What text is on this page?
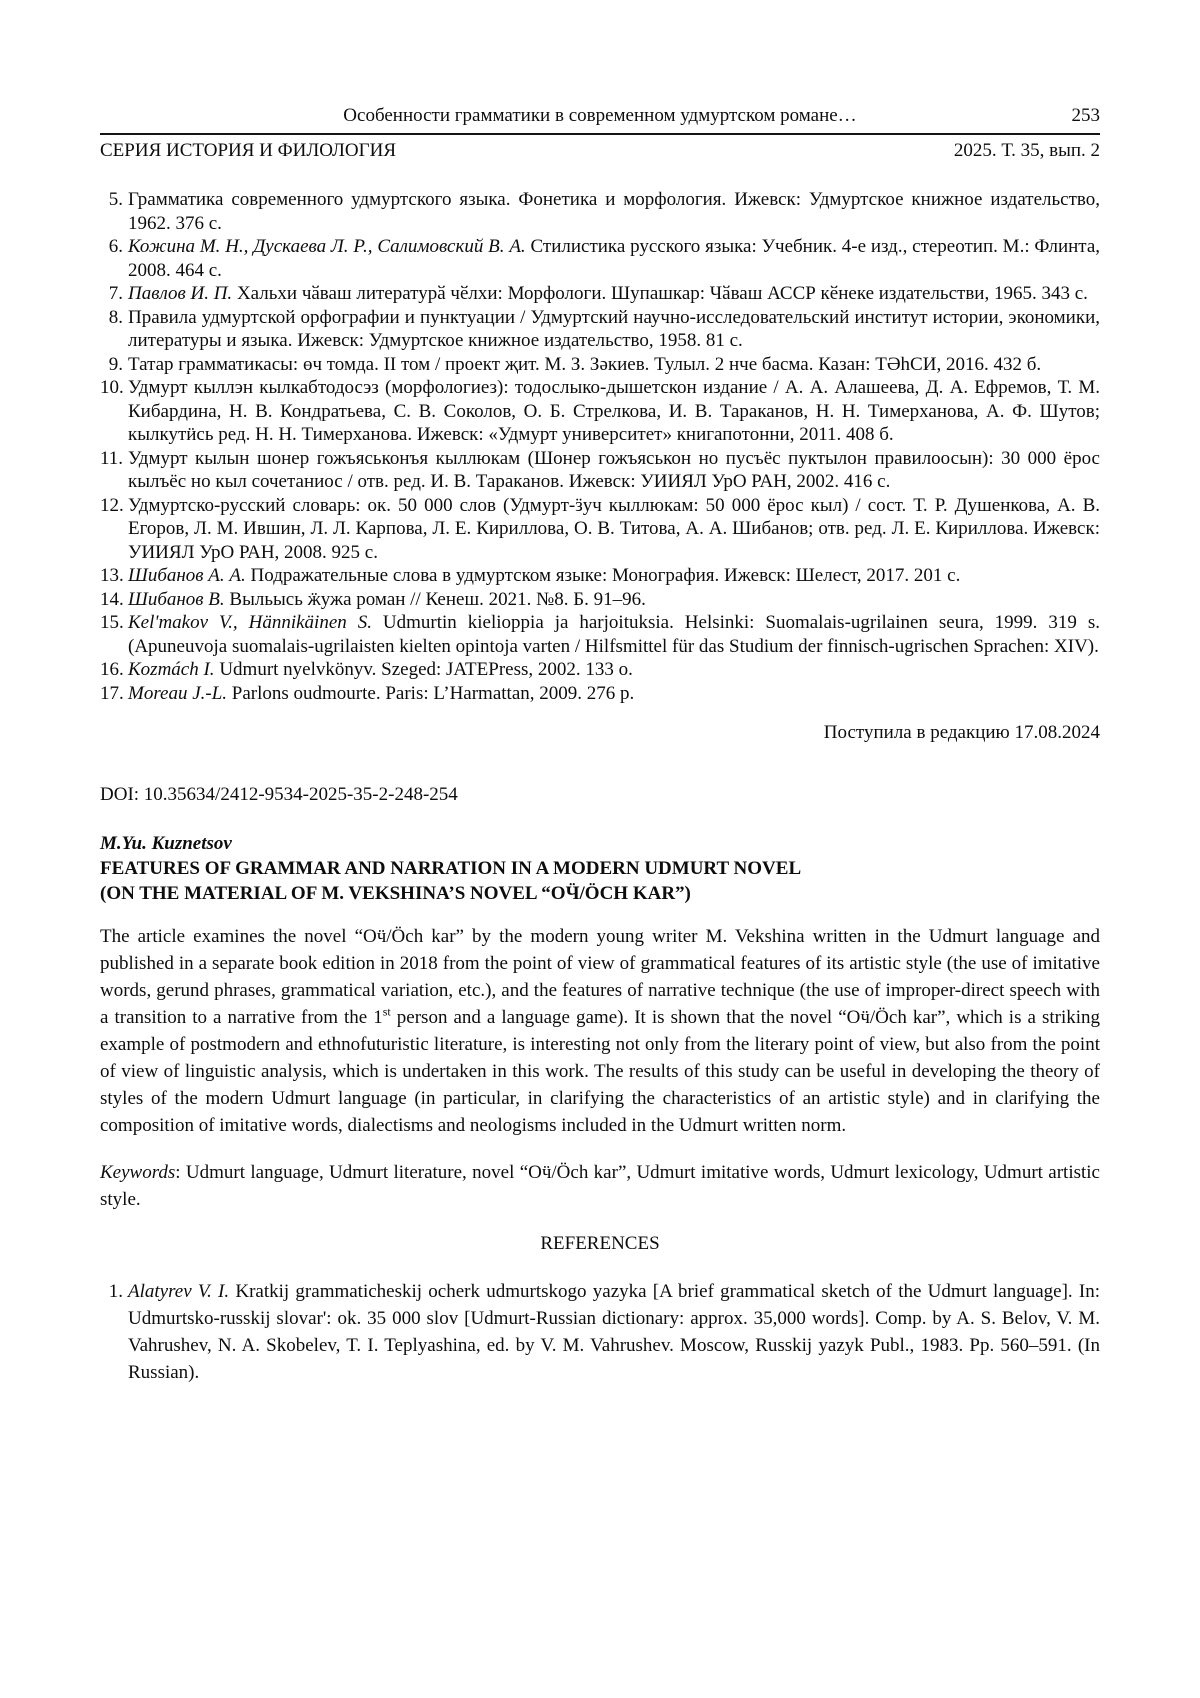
Особенности грамматики в современном удмуртском романе…	253
СЕРИЯ ИСТОРИЯ И ФИЛОЛОГИЯ	2025. Т. 35, вып. 2
5. Грамматика современного удмуртского языка. Фонетика и морфология. Ижевск: Удмуртское книжное издательство, 1962. 376 с.
6. Кожина М. Н., Дускаева Л. Р., Салимовский В. А. Стилистика русского языка: Учебник. 4-е изд., стереотип. М.: Флинта, 2008. 464 с.
7. Павлов И. П. Хальхи чӑваш литературӑ чӗлхи: Морфологи. Шупашкар: Чӑваш АССР кӗнеке издательстви, 1965. 343 с.
8. Правила удмуртской орфографии и пунктуации / Удмуртский научно-исследовательский институт истории, экономики, литературы и языка. Ижевск: Удмуртское книжное издательство, 1958. 81 с.
9. Татар грамматикасы: өч томда. II том / проект җит. М. З. Зәкиев. Тулыл. 2 нче басма. Казан: ТӘһСИ, 2016. 432 б.
10. Удмурт кыллэн кылкабтодосэз (морфологиез): тодослыко-дышетскон издание / А. А. Алашеева, Д. А. Ефремов, Т. М. Кибардина, Н. В. Кондратьева, С. В. Соколов, О. Б. Стрелкова, И. В. Тараканов, Н. Н. Тимерханова, А. Ф. Шутов; кылкутӥсь ред. Н. Н. Тимерханова. Ижевск: «Удмурт университет» книгапотонни, 2011. 408 б.
11. Удмурт кылын шонер гожъяськонъя кыллюкам (Шонер гожъяськон но пусъёс пуктылон правилоосын): 30 000 ёрос кылъёс но кыл сочетаниос / отв. ред. И. В. Тараканов. Ижевск: УИИЯЛ УрО РАН, 2002. 416 с.
12. Удмуртско-русский словарь: ок. 50 000 слов (Удмурт-ӟуч кыллюкам: 50 000 ёрос кыл) / сост. Т. Р. Душенкова, А. В. Егоров, Л. М. Ившин, Л. Л. Карпова, Л. Е. Кириллова, О. В. Титова, А. А. Шибанов; отв. ред. Л. Е. Кириллова. Ижевск: УИИЯЛ УрО РАН, 2008. 925 с.
13. Шибанов А. А. Подражательные слова в удмуртском языке: Монография. Ижевск: Шелест, 2017. 201 с.
14. Шибанов В. Выльысь ӝужа роман // Кенеш. 2021. №8. Б. 91–96.
15. Kel'makov V., Hännikäinen S. Udmurtin kielioppia ja harjoituksia. Helsinki: Suomalais-ugrilainen seura, 1999. 319 s. (Apuneuvoja suomalais-ugrilaisten kielten opintoja varten / Hilfsmittel für das Studium der finnisch-ugrischen Sprachen: XIV).
16. Kozmách I. Udmurt nyelvkönyv. Szeged: JATEPress, 2002. 133 o.
17. Moreau J.-L. Parlons oudmourte. Paris: L’Harmattan, 2009. 276 p.
Поступила в редакцию 17.08.2024
DOI: 10.35634/2412-9534-2025-35-2-248-254
M.Yu. Kuznetsov
FEATURES OF GRAMMAR AND NARRATION IN A MODERN UDMURT NOVEL
(ON THE MATERIAL OF M. VEKSHINA’S NOVEL “ОӴ/ÖCH KAR”)

The article examines the novel “Оӵ/Öch kar” by the modern young writer M. Vekshina written in the Udmurt language and published in a separate book edition in 2018 from the point of view of grammatical features of its artistic style (the use of imitative words, gerund phrases, grammatical variation, etc.), and the features of narrative technique (the use of improper-direct speech with a transition to a narrative from the 1st person and a language game). It is shown that the novel “Оӵ/Öch kar”, which is a striking example of postmodern and ethnofuturistic literature, is interesting not only from the literary point of view, but also from the point of view of linguistic analysis, which is undertaken in this work. The results of this study can be useful in developing the theory of styles of the modern Udmurt language (in particular, in clarifying the characteristics of an artistic style) and in clarifying the composition of imitative words, dialectisms and neologisms included in the Udmurt written norm.

Keywords: Udmurt language, Udmurt literature, novel “Оӵ/Öch kar”, Udmurt imitative words, Udmurt lexicology, Udmurt artistic style.

REFERENCES
1. Alatyrev V. I. Kratkij grammaticheskij ocherk udmurtskogo yazyka [A brief grammatical sketch of the Udmurt language]. In: Udmurtsko-russkij slovar': ok. 35 000 slov [Udmurt-Russian dictionary: approx. 35,000 words]. Comp. by A. S. Belov, V. M. Vahrushev, N. A. Skobelev, T. I. Teplyashina, ed. by V. M. Vahrushev. Moscow, Russkij yazyk Publ., 1983. Pp. 560–591. (In Russian).
